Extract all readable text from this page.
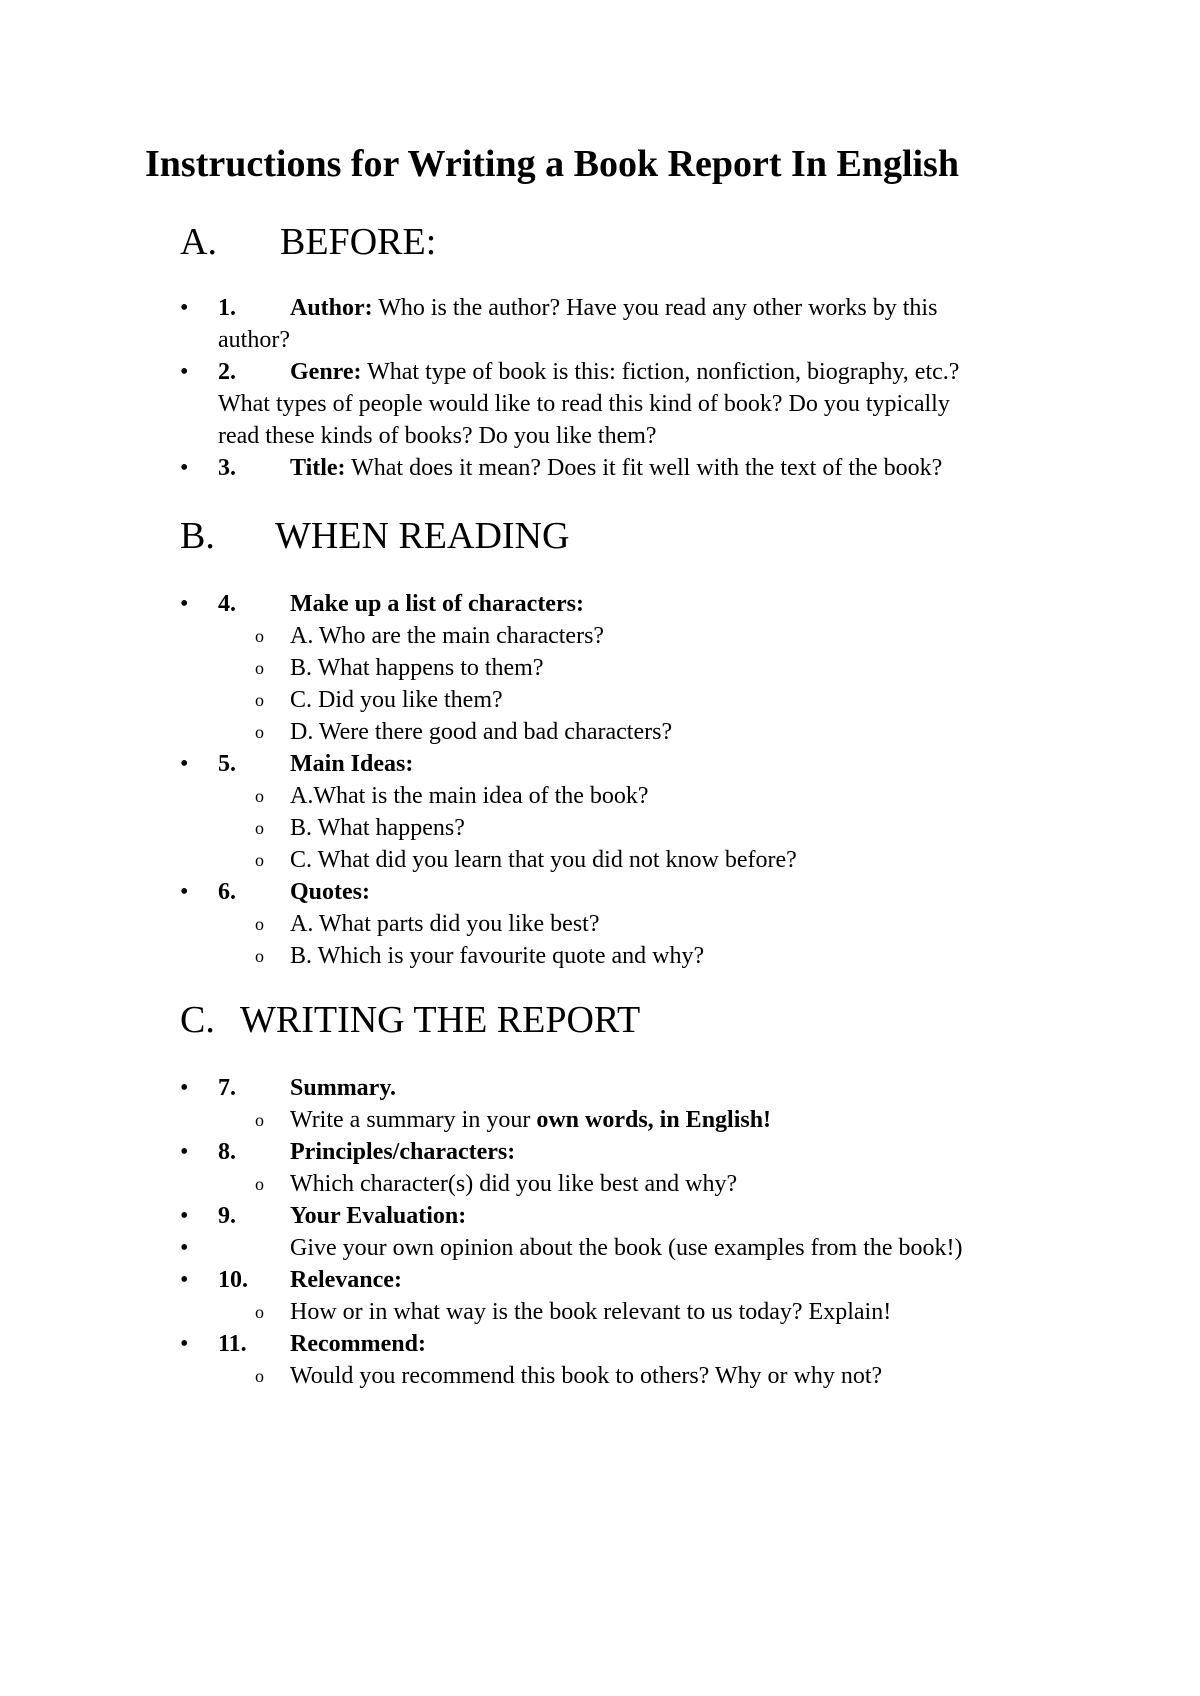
Instructions for Writing a Book Report In English
A. BEFORE:
• 1. Author: Who is the author? Have you read any other works by this
author?
• 2. Genre: What type of book is this: fiction, nonfiction, biography, etc.?
What types of people would like to read this kind of book? Do you typically
read these kinds of books? Do you like them?
• 3. Title: What does it mean? Does it fit well with the text of the book?
B. WHEN READING
• 4. Make up a list of characters:
o A. Who are the main characters?
o B. What happens to them?
o C. Did you like them?
o D. Were there good and bad characters?
• 5. Main Ideas:
o A.What is the main idea of the book?
o B. What happens?
o C. What did you learn that you did not know before?
• 6. Quotes:
o A. What parts did you like best?
o B. Which is your favourite quote and why?
C. WRITING THE REPORT
• 7. Summary.
o Write a summary in your own words, in English!
• 8. Principles/characters:
o Which character(s) did you like best and why?
• 9. Your Evaluation:
•	Give your own opinion about the book (use examples from the book!)
• 10. Relevance:
o How or in what way is the book relevant to us today? Explain!
• 11. Recommend:
o Would you recommend this book to others? Why or why not?
